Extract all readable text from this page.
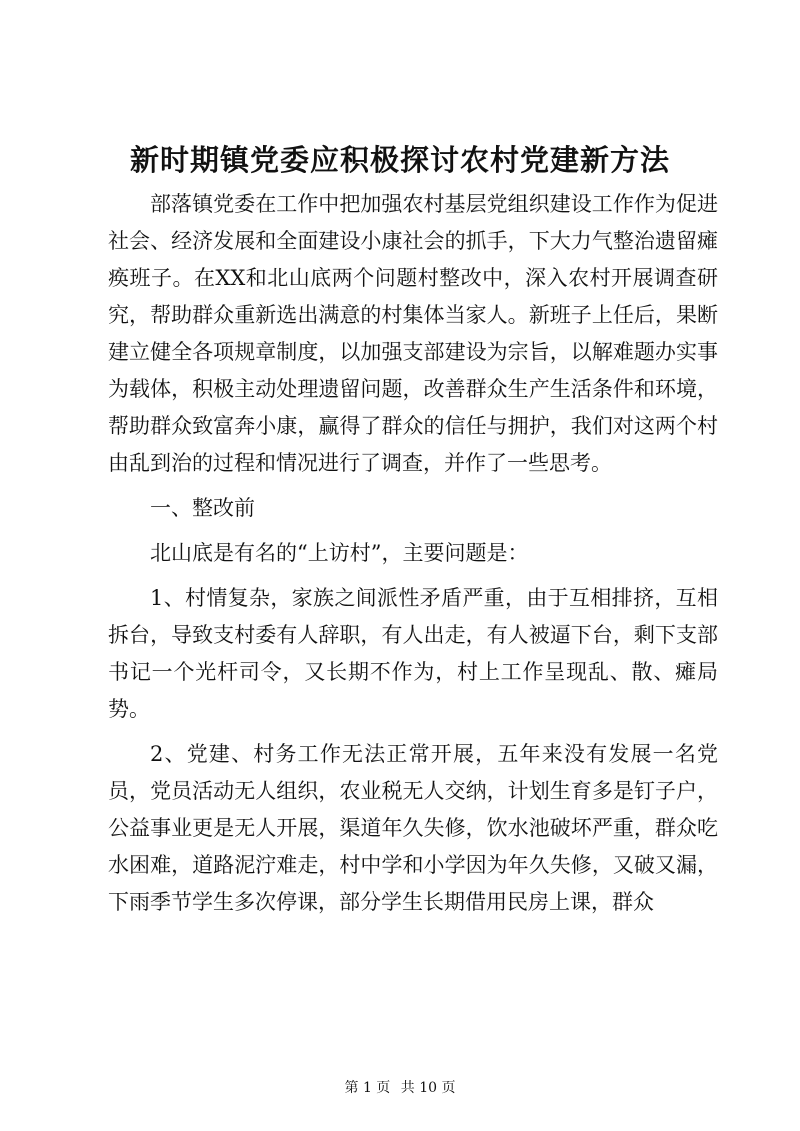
新时期镇党委应积极探讨农村党建新方法

部落镇党委在工作中把加强农村基层党组织建设工作作为促进社会、经济发展和全面建设小康社会的抓手，下大力气整治遗留瘫痪班子。在XX和北山底两个问题村整改中，深入农村开展调查研究，帮助群众重新选出满意的村集体当家人。新班子上任后，果断建立健全各项规章制度，以加强支部建设为宗旨，以解难题办实事为载体，积极主动处理遗留问题，改善群众生产生活条件和环境，帮助群众致富奔小康，赢得了群众的信任与拥护，我们对这两个村由乱到治的过程和情况进行了调查，并作了一些思考。

一、整改前

北山底是有名的“上访村”，主要问题是：

1、村情复杂，家族之间派性矛盾严重，由于互相排挤，互相拆台，导致支村委有人辞职，有人出走，有人被逼下台，剩下支部书记一个光杆司令，又长期不作为，村上工作呈现乱、散、瘫局势。

2、党建、村务工作无法正常开展，五年来没有发展一名党员，党员活动无人组织，农业税无人交纳，计划生育多是钉子户，公益事业更是无人开展，渠道年久失修，饮水池破坏严重，群众吃水困难，道路泥泞难走，村中学和小学因为年久失修，又破又漏，下雨季节学生多次停课，部分学生长期借用民房上课，群众

第 1 页 共 10 页
